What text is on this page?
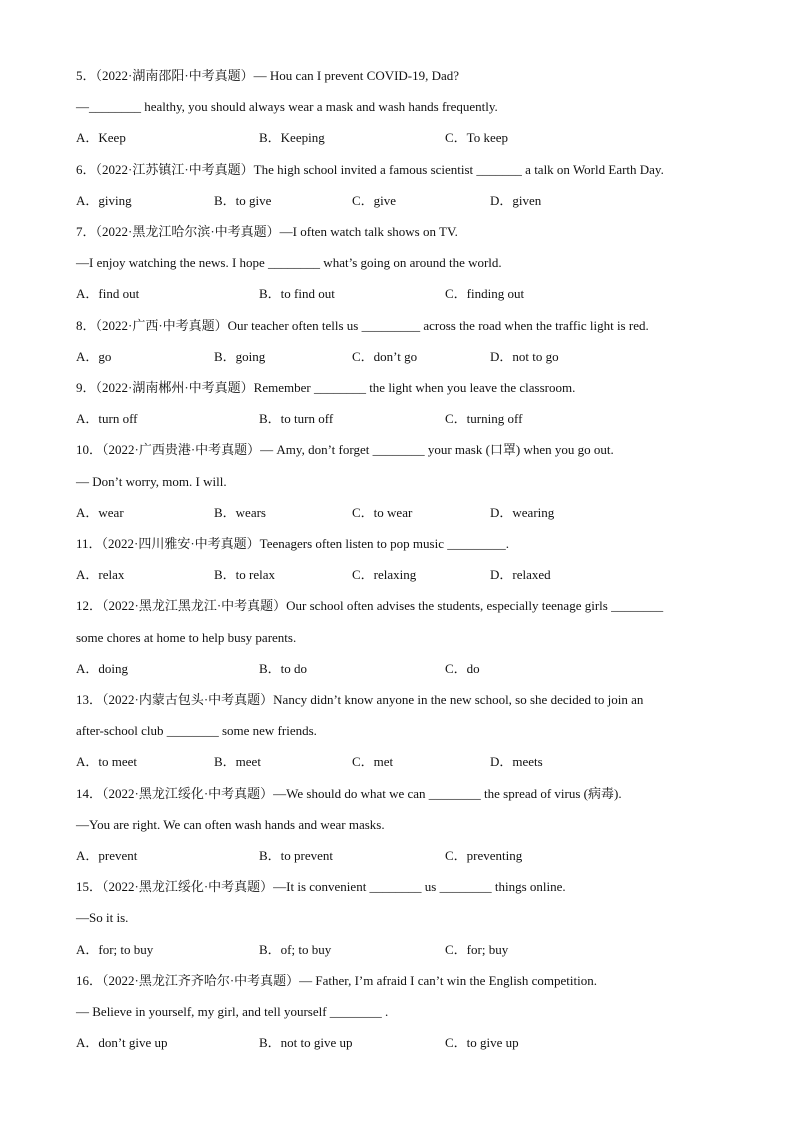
5．（2022·湖南邵阳·中考真题）— Hou can I prevent COVID-19, Dad?
—________ healthy, you should always wear a mask and wash hands frequently.
A．Keep	B．Keeping	C．To keep
6．（2022·江苏镇江·中考真题）The high school invited a famous scientist _______ a talk on World Earth Day.
A．giving	B．to give	C．give	D．given
7．（2022·黑龙江哈尔滨·中考真题）—I often watch talk shows on TV.
—I enjoy watching the news. I hope ________ what’s going on around the world.
A．find out	B．to find out	C．finding out
8．（2022·广西·中考真题）Our teacher often tells us _________ across the road when the traffic light is red.
A．go	B．going	C．don’t go	D．not to go
9．（2022·湖南郴州·中考真题）Remember ________ the light when you leave the classroom.
A．turn off	B．to turn off	C．turning off
10．（2022·广西贵港·中考真题）— Amy, don’t forget ________ your mask (口罩) when you go out.
— Don’t worry, mom. I will.
A．wear	B．wears	C．to wear	D．wearing
11．（2022·四川雅安·中考真题）Teenagers often listen to pop music _________.
A．relax	B．to relax	C．relaxing	D．relaxed
12．（2022·黑龙江黑龙江·中考真题）Our school often advises the students, especially teenage girls ________
some chores at home to help busy parents.
A．doing	B．to do	C．do
13．（2022·内蒙古包头·中考真题）Nancy didn’t know anyone in the new school, so she decided to join an
after-school club ________ some new friends.
A．to meet	B．meet	C．met	D．meets
14．（2022·黑龙江绥化·中考真题）—We should do what we can ________ the spread of virus (病毒).
—You are right. We can often wash hands and wear masks.
A．prevent	B．to prevent	C．preventing
15．（2022·黑龙江绥化·中考真题）—It is convenient ________ us ________ things online.
—So it is.
A．for; to buy	B．of; to buy	C．for; buy
16．（2022·黑龙江齐齐哈尔·中考真题）— Father, I’m afraid I can’t win the English competition.
— Believe in yourself, my girl, and tell yourself ________ .
A．don’t give up	B．not to give up	C．to give up
